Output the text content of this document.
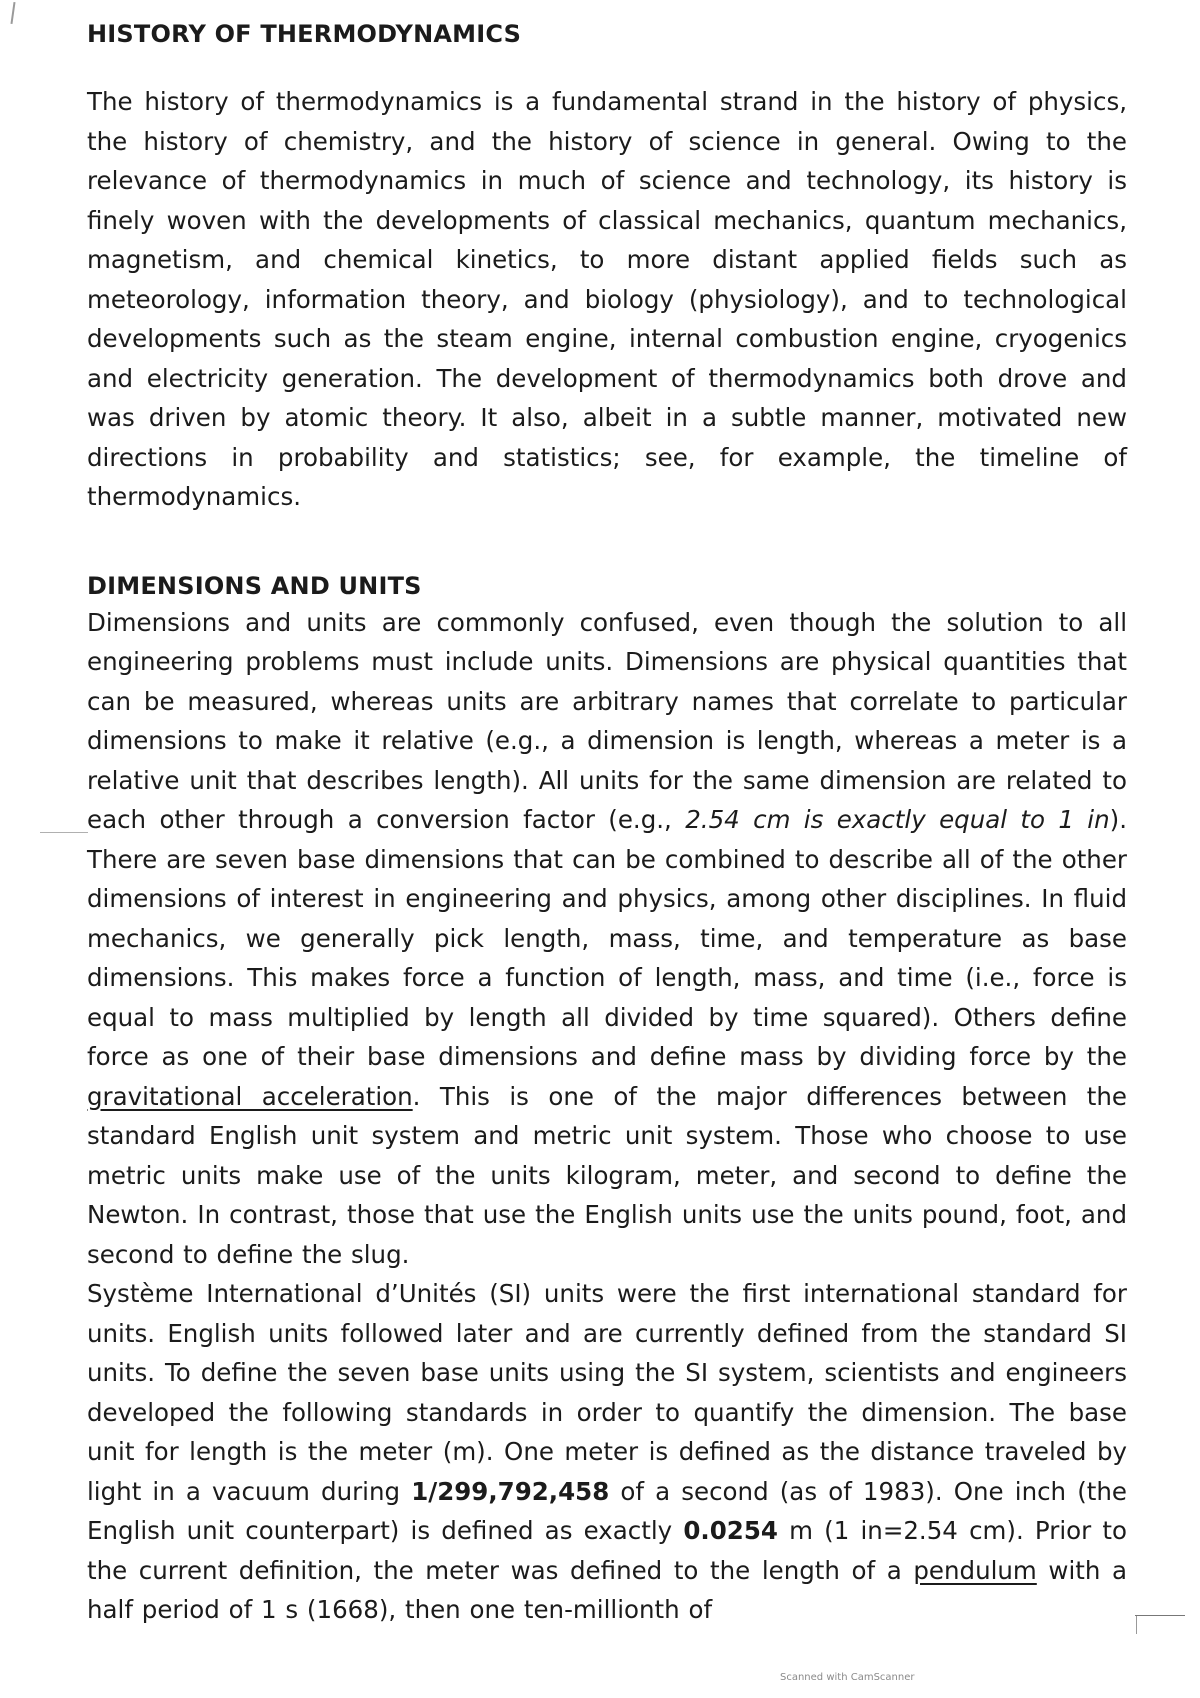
HISTORY OF THERMODYNAMICS

The history of thermodynamics is a fundamental strand in the history of physics, the history of chemistry, and the history of science in general. Owing to the relevance of thermodynamics in much of science and technology, its history is finely woven with the developments of classical mechanics, quantum mechanics, magnetism, and chemical kinetics, to more distant applied fields such as meteorology, information theory, and biology (physiology), and to technological developments such as the steam engine, internal combustion engine, cryogenics and electricity generation. The development of thermodynamics both drove and was driven by atomic theory. It also, albeit in a subtle manner, motivated new directions in probability and statistics; see, for example, the timeline of thermodynamics.

DIMENSIONS AND UNITS
Dimensions and units are commonly confused, even though the solution to all engineering problems must include units. Dimensions are physical quantities that can be measured, whereas units are arbitrary names that correlate to particular dimensions to make it relative (e.g., a dimension is length, whereas a meter is a relative unit that describes length). All units for the same dimension are related to each other through a conversion factor (e.g., 2.54 cm is exactly equal to 1 in). There are seven base dimensions that can be combined to describe all of the other dimensions of interest in engineering and physics, among other disciplines. In fluid mechanics, we generally pick length, mass, time, and temperature as base dimensions. This makes force a function of length, mass, and time (i.e., force is equal to mass multiplied by length all divided by time squared). Others define force as one of their base dimensions and define mass by dividing force by the gravitational acceleration. This is one of the major differences between the standard English unit system and metric unit system. Those who choose to use metric units make use of the units kilogram, meter, and second to define the Newton. In contrast, those that use the English units use the units pound, foot, and second to define the slug.
Système International d’Unités (SI) units were the first international standard for units. English units followed later and are currently defined from the standard SI units. To define the seven base units using the SI system, scientists and engineers developed the following standards in order to quantify the dimension. The base unit for length is the meter (m). One meter is defined as the distance traveled by light in a vacuum during 1/299,792,458 of a second (as of 1983). One inch (the English unit counterpart) is defined as exactly 0.0254 m (1 in=2.54 cm). Prior to the current definition, the meter was defined to the length of a pendulum with a half period of 1 s (1668), then one ten-millionth of
Scanned with CamScanner
